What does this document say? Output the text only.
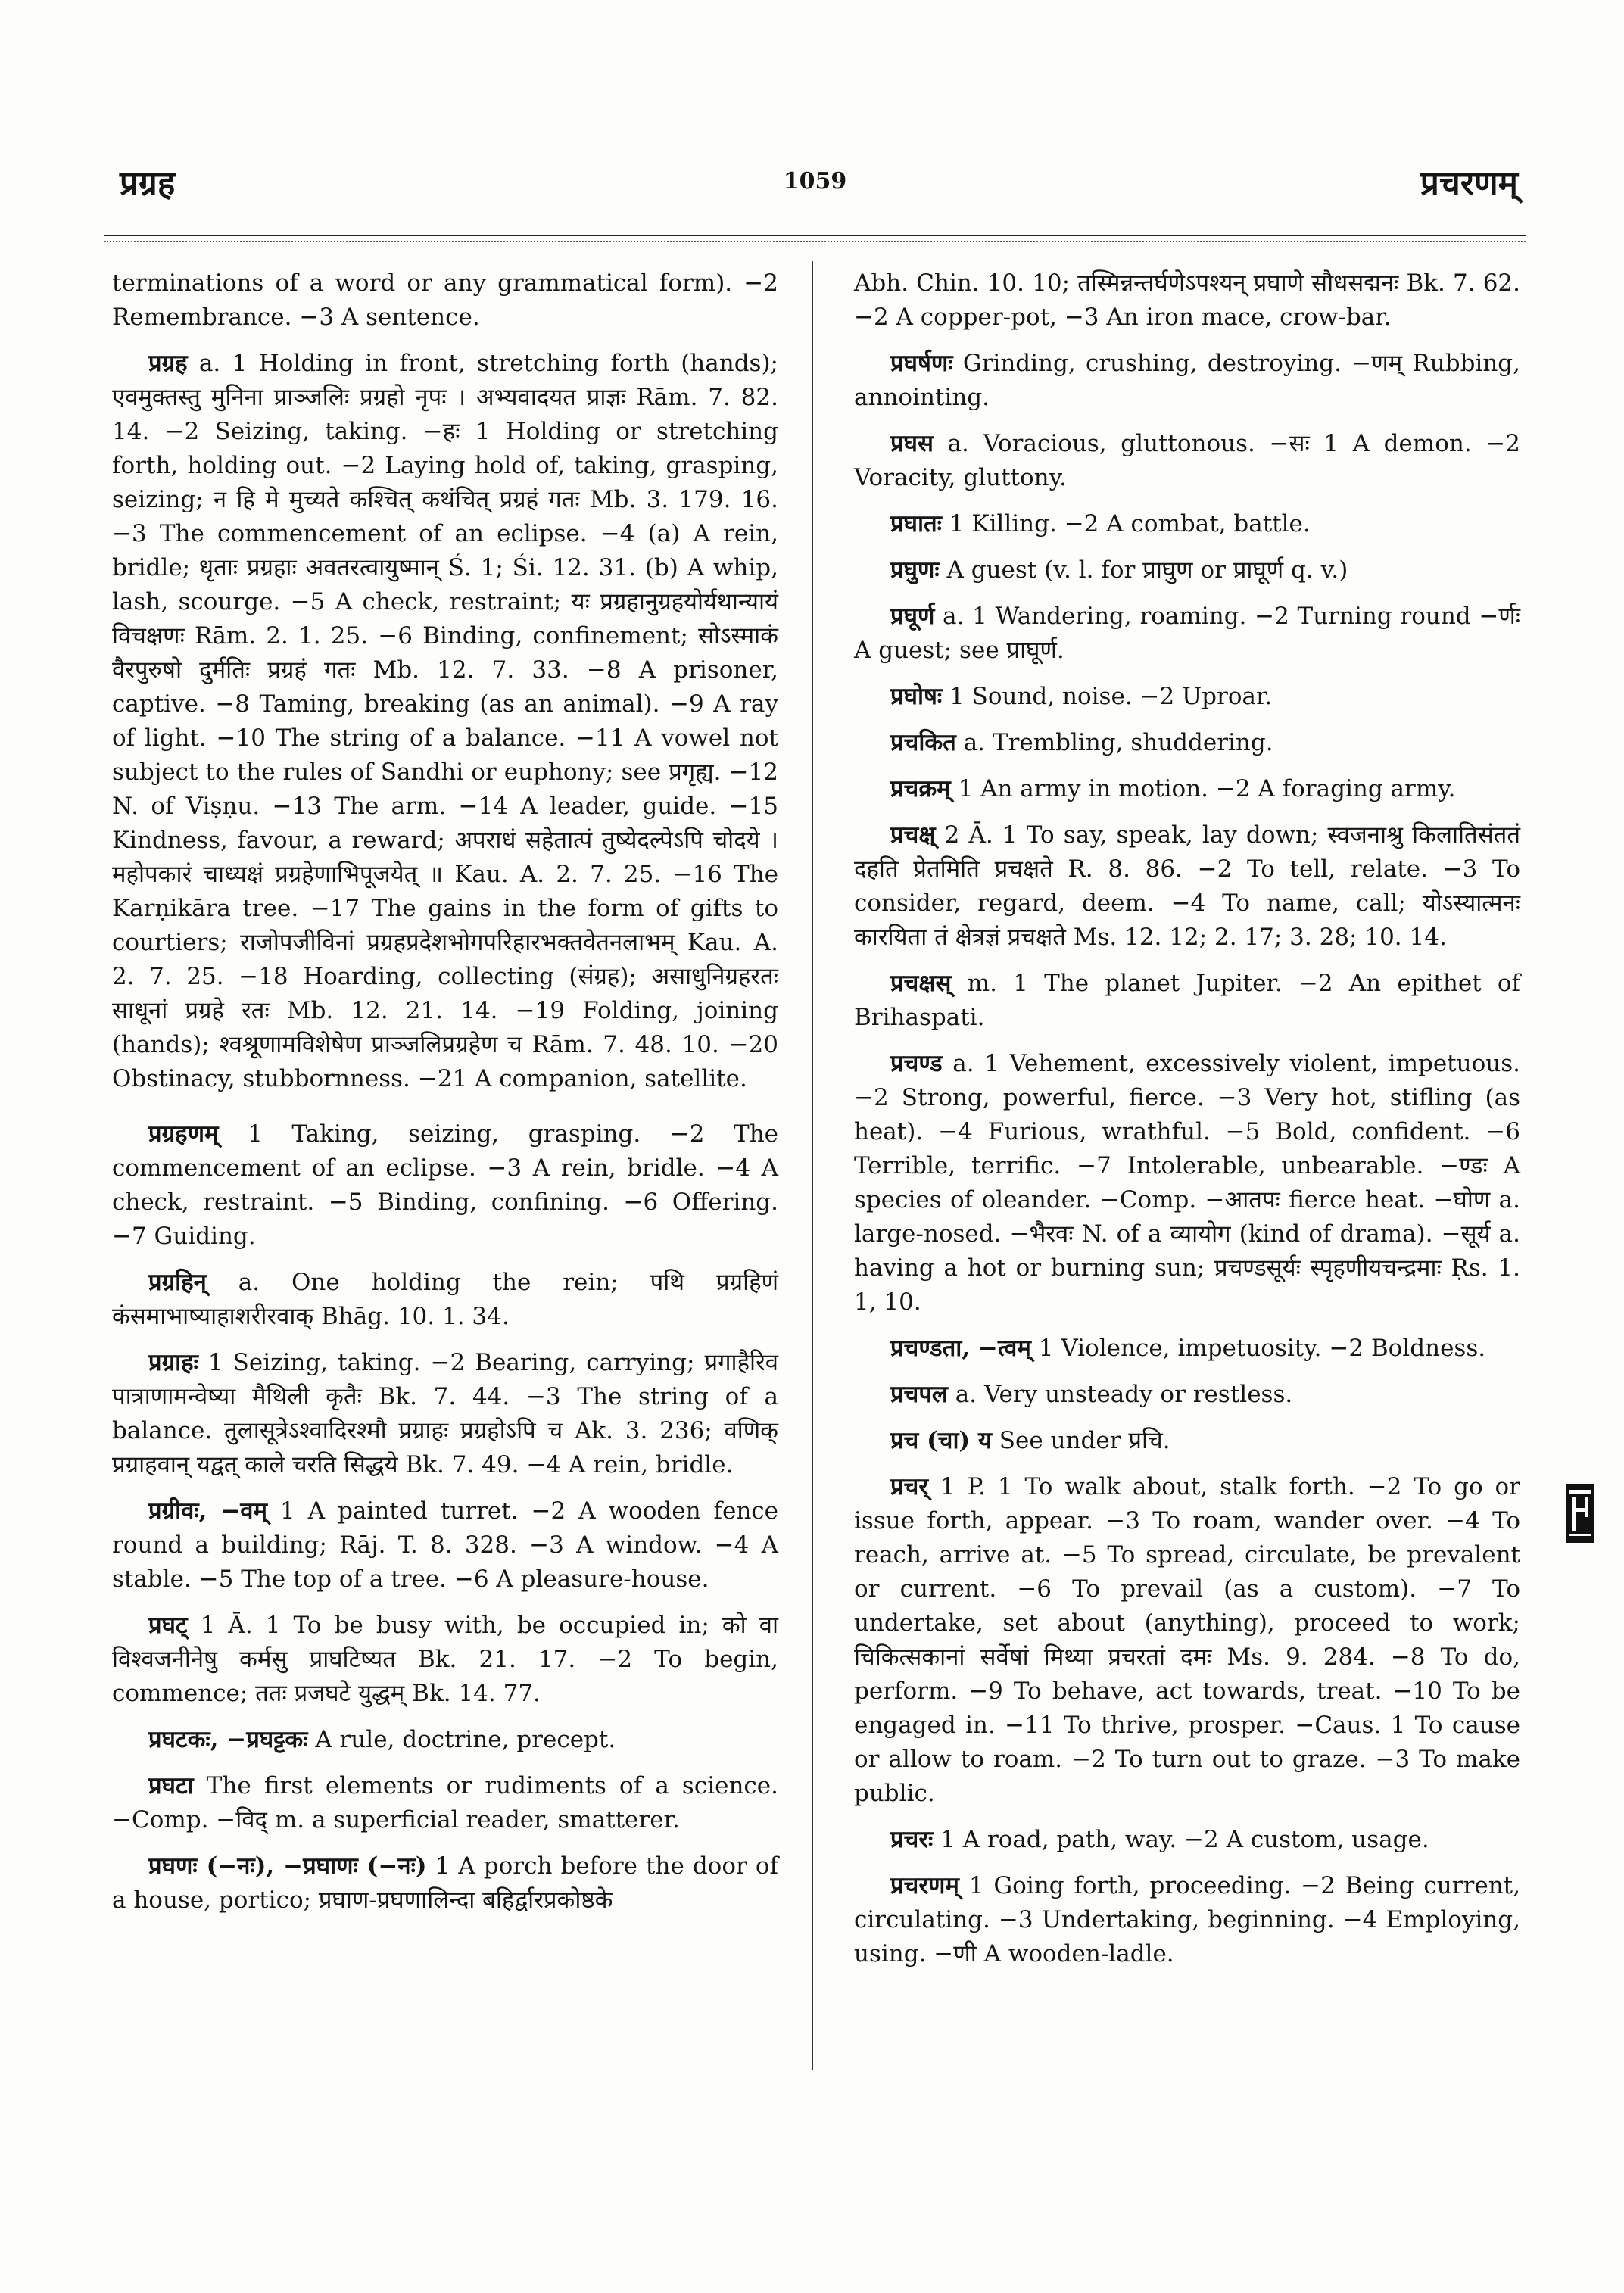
प्रग्रह	1059	प्रचरणम्

terminations of a word or any grammatical form). −2 Remembrance. −3 A sentence.

प्रग्रह a. 1 Holding in front, stretching forth (hands); एवमुक्तस्तु मुनिना प्राञ्जलिः प्रग्रहो नृपः । अभ्यवादयत प्राज्ञः Rām. 7. 82. 14. −2 Seizing, taking. −हः 1 Holding or stretching forth, holding out. −2 Laying hold of, taking, grasping, seizing; न हि मे मुच्यते कश्चित् कथंचित् प्रग्रहं गतः Mb. 3. 179. 16. −3 The commencement of an eclipse. −4 (a) A rein, bridle; धृताः प्रग्रहाः अवतरत्वायुष्मान् Ś. 1; Śi. 12. 31. (b) A whip, lash, scourge. −5 A check, restraint; यः प्रग्रहानुग्रहयोर्यथान्यायं विचक्षणः Rām. 2. 1. 25. −6 Binding, confinement; सोऽस्माकं वैरपुरुषो दुर्मतिः प्रग्रहं गतः Mb. 12. 7. 33. −8 A prisoner, captive. −8 Taming, breaking (as an animal). −9 A ray of light. −10 The string of a balance. −11 A vowel not subject to the rules of Sandhi or euphony; see प्रगृह्य. −12 N. of Viṣṇu. −13 The arm. −14 A leader, guide. −15 Kindness, favour, a reward; अपराधं सहेतात्पं तुष्येदल्पेऽपि चोदये । महोपकारं चाध्यक्षं प्रग्रहेणाभिपूजयेत् ॥ Kau. A. 2. 7. 25. −16 The Karṇikāra tree. −17 The gains in the form of gifts to courtiers; राजोपजीविनां प्रग्रहप्रदेशभोगपरिहारभक्तवेतनलाभम् Kau. A. 2. 7. 25. −18 Hoarding, collecting (संग्रह); असाधुनिग्रहरतः साधूनां प्रग्रहे रतः Mb. 12. 21. 14. −19 Folding, joining (hands); श्वश्रूणामविशेषेण प्राञ्जलिप्रग्रहेण च Rām. 7. 48. 10. −20 Obstinacy, stubbornness. −21 A companion, satellite.

प्रग्रहणम् 1 Taking, seizing, grasping. −2 The commencement of an eclipse. −3 A rein, bridle. −4 A check, restraint. −5 Binding, confining. −6 Offering. −7 Guiding.

प्रग्रहिन् a. One holding the rein; पथि प्रग्रहिणं कंसमाभाष्याहाशरीरवाक् Bhāg. 10. 1. 34.

प्रग्राहः 1 Seizing, taking. −2 Bearing, carrying; प्रगाहैरिव पात्राणामन्वेष्या मैथिली कृतैः Bk. 7. 44. −3 The string of a balance. तुलासूत्रेऽश्वादिरश्मौ प्रग्राहः प्रग्रहोऽपि च Ak. 3. 236; वणिक् प्रग्राहवान् यद्वत् काले चरति सिद्धये Bk. 7. 49. −4 A rein, bridle.

प्रग्रीवः, −वम् 1 A painted turret. −2 A wooden fence round a building; Rāj. T. 8. 328. −3 A window. −4 A stable. −5 The top of a tree. −6 A pleasure-house.

प्रघट् 1 Ā. 1 To be busy with, be occupied in; को वा विश्वजनीनेषु कर्मसु प्राघटिष्यत Bk. 21. 17. −2 To begin, commence; ततः प्रजघटे युद्धम् Bk. 14. 77.

प्रघटकः, −प्रघट्टकः A rule, doctrine, precept.

प्रघटा The first elements or rudiments of a science. −Comp. −विद् m. a superficial reader, smatterer.

प्रघणः (−नः), −प्रघाणः (−नः) 1 A porch before the door of a house, portico; प्रघाण-प्रघणालिन्दा बहिर्द्वारप्रकोष्ठके

Abh. Chin. 10. 10; तस्मिन्नन्तर्घणेऽपश्यन् प्रघाणे सौधसद्मनः Bk. 7. 62. −2 A copper-pot, −3 An iron mace, crow-bar.

प्रघर्षणः Grinding, crushing, destroying. −णम् Rubbing, annointing.

प्रघस a. Voracious, gluttonous. −सः 1 A demon. −2 Voracity, gluttony.

प्रघातः 1 Killing. −2 A combat, battle.

प्रघुणः A guest (v. l. for प्राघुण or प्राघूर्ण q. v.)

प्रघूर्ण a. 1 Wandering, roaming. −2 Turning round −र्णः A guest; see प्राघूर्ण.

प्रघोषः 1 Sound, noise. −2 Uproar.

प्रचकित a. Trembling, shuddering.

प्रचक्रम् 1 An army in motion. −2 A foraging army.

प्रचक्ष् 2 Ā. 1 To say, speak, lay down; स्वजनाश्रु किलातिसंततं दहति प्रेतमिति प्रचक्षते R. 8. 86. −2 To tell, relate. −3 To consider, regard, deem. −4 To name, call; योऽस्यात्मनः कारयिता तं क्षेत्रज्ञं प्रचक्षते Ms. 12. 12; 2. 17; 3. 28; 10. 14.

प्रचक्षस् m. 1 The planet Jupiter. −2 An epithet of Brihaspati.

प्रचण्ड a. 1 Vehement, excessively violent, impetuous. −2 Strong, powerful, fierce. −3 Very hot, stifling (as heat). −4 Furious, wrathful. −5 Bold, confident. −6 Terrible, terrific. −7 Intolerable, unbearable. −ण्डः A species of oleander. −Comp. −आतपः fierce heat. −घोण a. large-nosed. −भैरवः N. of a व्यायोग (kind of drama). −सूर्य a. having a hot or burning sun; प्रचण्डसूर्यः स्पृहणीयचन्द्रमाः Ṛs. 1. 1, 10.

प्रचण्डता, −त्वम् 1 Violence, impetuosity. −2 Boldness.

प्रचपल a. Very unsteady or restless.

प्रच (चा) य See under प्रचि.

प्रचर् 1 P. 1 To walk about, stalk forth. −2 To go or issue forth, appear. −3 To roam, wander over. −4 To reach, arrive at. −5 To spread, circulate, be prevalent or current. −6 To prevail (as a custom). −7 To undertake, set about (anything), proceed to work; चिकित्सकानां सर्वेषां मिथ्या प्रचरतां दमः Ms. 9. 284. −8 To do, perform. −9 To behave, act towards, treat. −10 To be engaged in. −11 To thrive, prosper. −Caus. 1 To cause or allow to roam. −2 To turn out to graze. −3 To make public.

प्रचरः 1 A road, path, way. −2 A custom, usage.

प्रचरणम् 1 Going forth, proceeding. −2 Being current, circulating. −3 Undertaking, beginning. −4 Employing, using. −णी A wooden-ladle.
